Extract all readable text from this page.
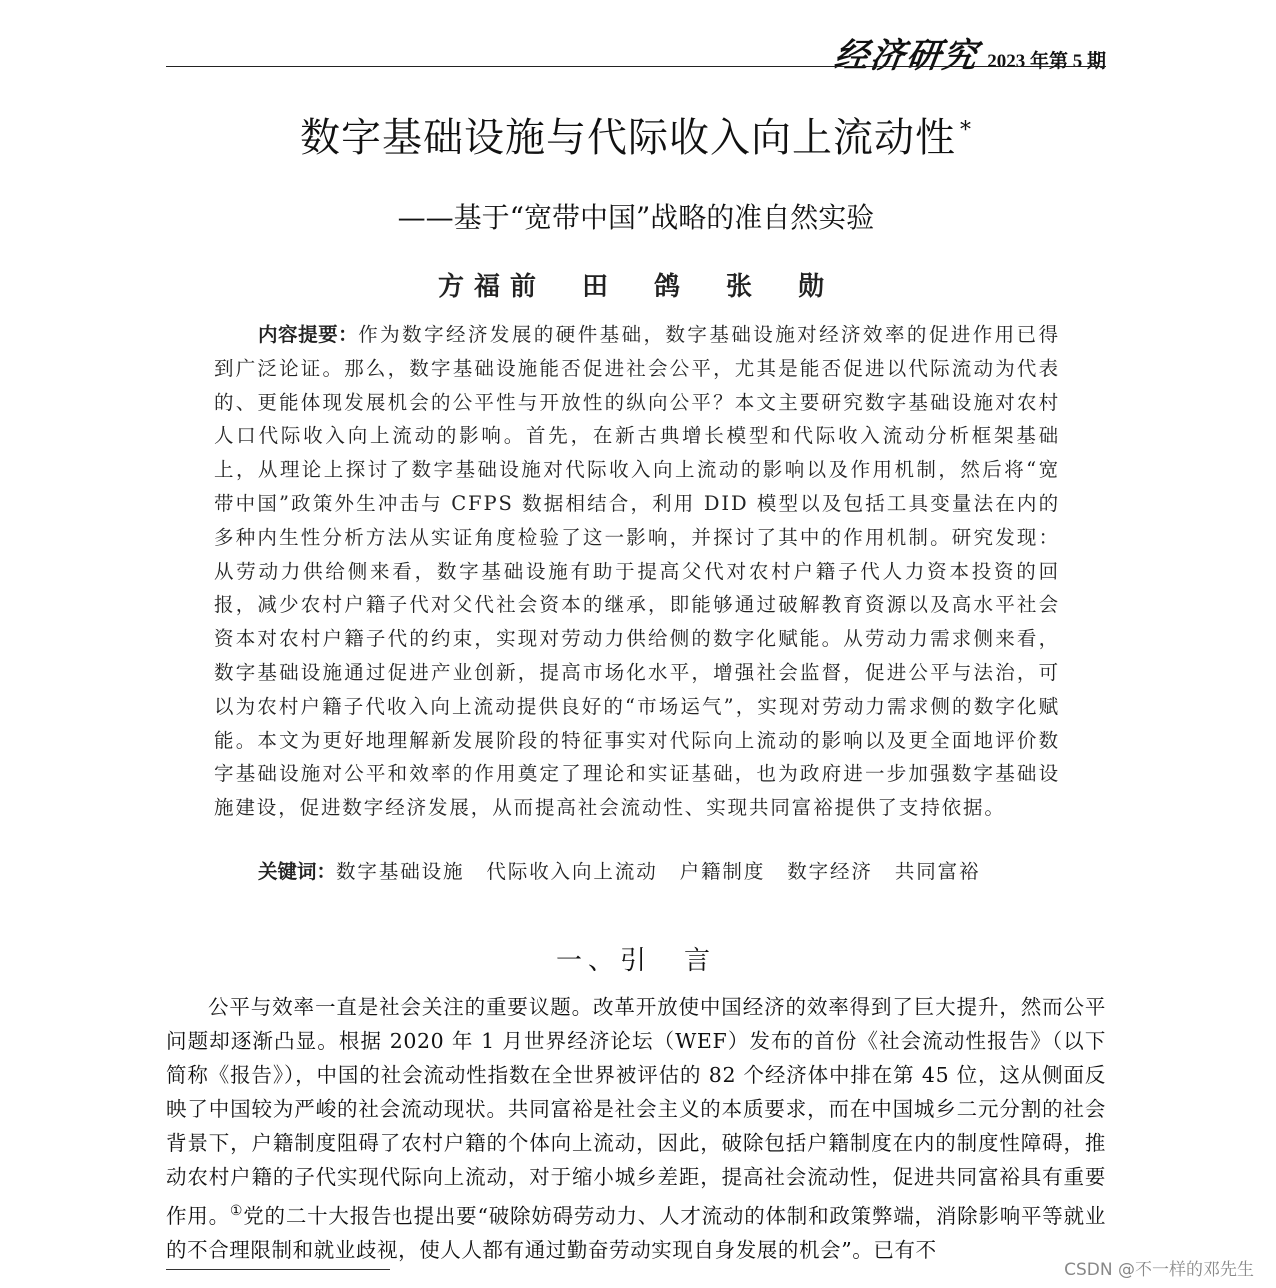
经济研究 2023 年第 5 期
数字基础设施与代际收入向上流动性 *
——基于“宽带中国”战略的准自然实验
方福前　田　鸽　张　勋

内容提要：作为数字经济发展的硬件基础，数字基础设施对经济效率的促进作用已得到广泛论证。那么，数字基础设施能否促进社会公平，尤其是能否促进以代际流动为代表的、更能体现发展机会的公平性与开放性的纵向公平？本文主要研究数字基础设施对农村人口代际收入向上流动的影响。首先，在新古典增长模型和代际收入流动分析框架基础上，从理论上探讨了数字基础设施对代际收入向上流动的影响以及作用机制，然后将“宽带中国”政策外生冲击与 CFPS 数据相结合，利用 DID 模型以及包括工具变量法在内的多种内生性分析方法从实证角度检验了这一影响，并探讨了其中的作用机制。研究发现：从劳动力供给侧来看，数字基础设施有助于提高父代对农村户籍子代人力资本投资的回报，减少农村户籍子代对父代社会资本的继承，即能够通过破解教育资源以及高水平社会资本对农村户籍子代的约束，实现对劳动力供给侧的数字化赋能。从劳动力需求侧来看，数字基础设施通过促进产业创新，提高市场化水平，增强社会监督，促进公平与法治，可以为农村户籍子代收入向上流动提供良好的“市场运气”，实现对劳动力需求侧的数字化赋能。本文为更好地理解新发展阶段的特征事实对代际向上流动的影响以及更全面地评价数字基础设施对公平和效率的作用奠定了理论和实证基础，也为政府进一步加强数字基础设施建设，促进数字经济发展，从而提高社会流动性、实现共同富裕提供了支持依据。

关键词：数字基础设施 代际收入向上流动 户籍制度 数字经济 共同富裕
一、引　言

公平与效率一直是社会关注的重要议题。改革开放使中国经济的效率得到了巨大提升，然而公平问题却逐渐凸显。根据 2020 年 1 月世界经济论坛（WEF）发布的首份《社会流动性报告》（以下简称《报告》），中国的社会流动性指数在全世界被评估的 82 个经济体中排在第 45 位，这从侧面反映了中国较为严峻的社会流动现状。共同富裕是社会主义的本质要求，而在中国城乡二元分割的社会背景下，户籍制度阻碍了农村户籍的个体向上流动，因此，破除包括户籍制度在内的制度性障碍，推动农村户籍的子代实现代际向上流动，对于缩小城乡差距，提高社会流动性，促进共同富裕具有重要作用。①党的二十大报告也提出要“破除妨碍劳动力、人才流动的体制和政策弊端，消除影响平等就业的不合理限制和就业歧视，使人人都有通过勤奋劳动实现自身发展的机会”。已有不

CSDN @不一样的邓先生
